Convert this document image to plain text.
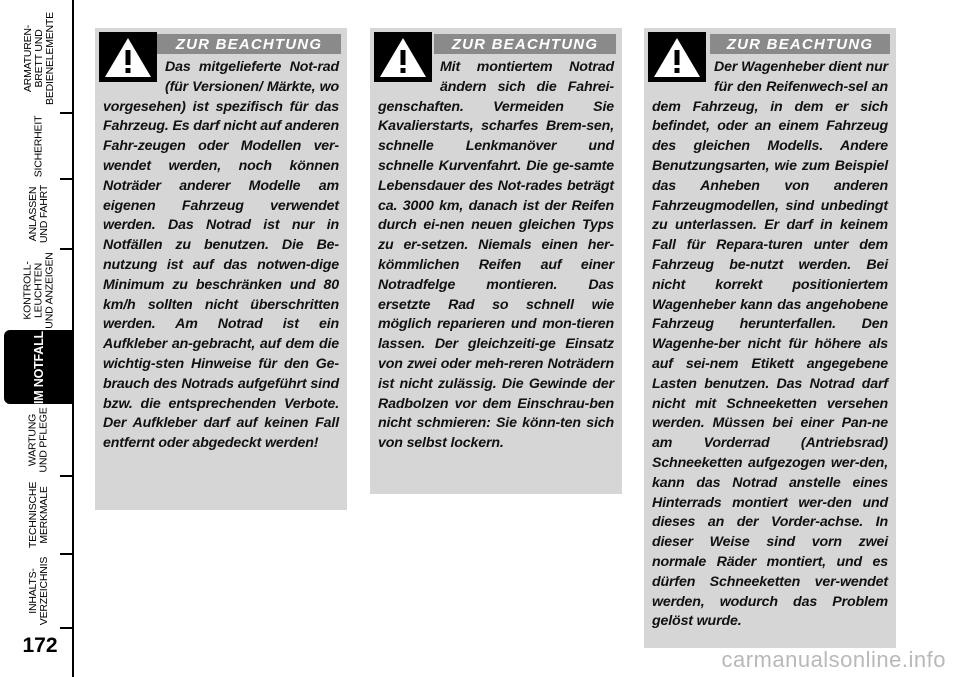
ARMATUREN-
BRETT UND
BEDIENELEMENTE
SICHERHEIT
ANLASSEN
UND FAHRT
KONTROLL-
LEUCHTEN
UND ANZEIGEN
IM NOTFALL
WARTUNG
UND PFLEGE
TECHNISCHE
MERKMALE
INHALTS-
VERZEICHNIS
172
ZUR BEACHTUNG
Das mitgelieferte Not-rad (für Versionen/ Märkte, wo vorgesehen) ist spezifisch für das Fahrzeug. Es darf nicht auf anderen Fahr-zeugen oder Modellen ver-wendet werden, noch können Noträder anderer Modelle am eigenen Fahrzeug verwendet werden. Das Notrad ist nur in Notfällen zu benutzen. Die Be-nutzung ist auf das notwen-dige Minimum zu beschränken und 80 km/h sollten nicht überschritten werden. Am Notrad ist ein Aufkleber an-gebracht, auf dem die wichtig-sten Hinweise für den Ge-brauch des Notrads aufgeführt sind bzw. die entsprechenden Verbote. Der Aufkleber darf auf keinen Fall entfernt oder abgedeckt werden!
ZUR BEACHTUNG
Mit montiertem Notrad ändern sich die Fahrei-genschaften. Vermeiden Sie Kavalierstarts, scharfes Brem-sen, schnelle Lenkmanöver und schnelle Kurvenfahrt. Die ge-samte Lebensdauer des Not-rades beträgt ca. 3000 km, danach ist der Reifen durch ei-nen neuen gleichen Typs zu er-setzen. Niemals einen her-kömmlichen Reifen auf einer Notradfelge montieren. Das ersetzte Rad so schnell wie möglich reparieren und mon-tieren lassen. Der gleichzeiti-ge Einsatz von zwei oder meh-reren Noträdern ist nicht zulässig. Die Gewinde der Radbolzen vor dem Einschrau-ben nicht schmieren: Sie könn-ten sich von selbst lockern.
ZUR BEACHTUNG
Der Wagenheber dient nur für den Reifenwech-sel an dem Fahrzeug, in dem er sich befindet, oder an einem Fahrzeug des gleichen Modells. Andere Benutzungsarten, wie zum Beispiel das Anheben von anderen Fahrzeugmodellen, sind unbedingt zu unterlassen. Er darf in keinem Fall für Repara-turen unter dem Fahrzeug be-nutzt werden. Bei nicht korrekt positioniertem Wagenheber kann das angehobene Fahrzeug herunterfallen. Den Wagenhe-ber nicht für höhere als auf sei-nem Etikett angegebene Lasten benutzen. Das Notrad darf nicht mit Schneeketten versehen werden. Müssen bei einer Pan-ne am Vorderrad (Antriebsrad) Schneeketten aufgezogen wer-den, kann das Notrad anstelle eines Hinterrads montiert wer-den und dieses an der Vorder-achse. In dieser Weise sind vorn zwei normale Räder montiert, und es dürfen Schneeketten ver-wendet werden, wodurch das Problem gelöst wurde.
carmanualsonline.info
